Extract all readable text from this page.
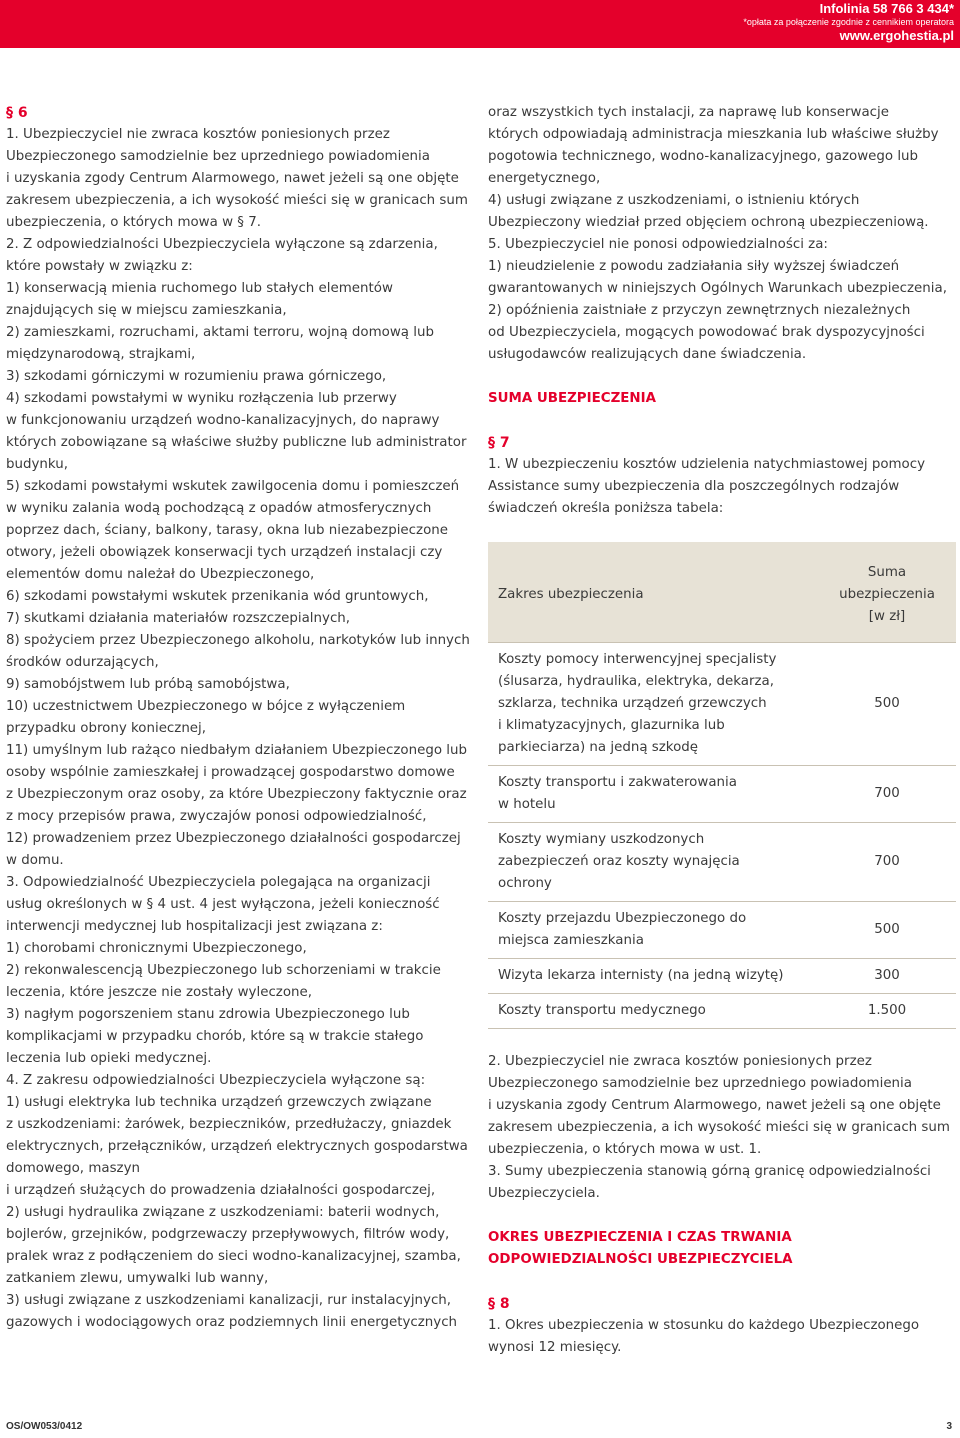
Infolinia 58 766 3 434*
*opłata za połączenie zgodnie z cennikiem operatora
www.ergohestia.pl
§ 6
1. Ubezpieczyciel nie zwraca kosztów poniesionych przez
Ubezpieczonego samodzielnie bez uprzedniego powiadomienia
i uzyskania zgody Centrum Alarmowego, nawet jeżeli są one objęte
zakresem ubezpieczenia, a ich wysokość mieści się w granicach sum
ubezpieczenia, o których mowa w § 7.
2. Z odpowiedzialności Ubezpieczyciela wyłączone są zdarzenia,
które powstały w związku z:
1) konserwacją mienia ruchomego lub stałych elementów
znajdujących się w miejscu zamieszkania,
2) zamieszkami, rozruchami, aktami terroru, wojną domową lub
międzynarodową, strajkami,
3) szkodami górniczymi w rozumieniu prawa górniczego,
4) szkodami powstałymi w wyniku rozłączenia lub przerwy
w funkcjonowaniu urządzeń wodno-kanalizacyjnych, do naprawy
których zobowiązane są właściwe służby publiczne lub administrator
budynku,
5) szkodami powstałymi wskutek zawilgocenia domu i pomieszczeń
w wyniku zalania wodą pochodzącą z opadów atmosferycznych
poprzez dach, ściany, balkony, tarasy, okna lub niezabezpieczone
otwory, jeżeli obowiązek konserwacji tych urządzeń instalacji czy
elementów domu należał do Ubezpieczonego,
6) szkodami powstałymi wskutek przenikania wód gruntowych,
7) skutkami działania materiałów rozszczepialnych,
8) spożyciem przez Ubezpieczonego alkoholu, narkotyków lub innych
środków odurzających,
9) samobójstwem lub próbą samobójstwa,
10) uczestnictwem Ubezpieczonego w bójce z wyłączeniem
przypadku obrony koniecznej,
11) umyślnym lub rażąco niedbałym działaniem Ubezpieczonego lub
osoby wspólnie zamieszkałej i prowadzącej gospodarstwo domowe
z Ubezpieczonym oraz osoby, za które Ubezpieczony faktycznie oraz
z mocy przepisów prawa, zwyczajów ponosi odpowiedzialność,
12) prowadzeniem przez Ubezpieczonego działalności gospodarczej
w domu.
3. Odpowiedzialność Ubezpieczyciela polegająca na organizacji
usług określonych w § 4 ust. 4 jest wyłączona, jeżeli konieczność
interwencji medycznej lub hospitalizacji jest związana z:
1) chorobami chronicznymi Ubezpieczonego,
2) rekonwalescencją Ubezpieczonego lub schorzeniami w trakcie
leczenia, które jeszcze nie zostały wyleczone,
3) nagłym pogorszeniem stanu zdrowia Ubezpieczonego lub
komplikacjami w przypadku chorób, które są w trakcie stałego
leczenia lub opieki medycznej.
4. Z zakresu odpowiedzialności Ubezpieczyciela wyłączone są:
1) usługi elektryka lub technika urządzeń grzewczych związane
z uszkodzeniami: żarówek, bezpieczników, przedłużaczy, gniazdek
elektrycznych, przełączników, urządzeń elektrycznych gospodarstwa
domowego, maszyn
i urządzeń służących do prowadzenia działalności gospodarczej,
2) usługi hydraulika związane z uszkodzeniami: baterii wodnych,
bojlerów, grzejników, podgrzewaczy przepływowych, filtrów wody,
pralek wraz z podłączeniem do sieci wodno-kanalizacyjnej, szamba,
zatkaniem zlewu, umywalki lub wanny,
3) usługi związane z uszkodzeniami kanalizacji, rur instalacyjnych,
gazowych i wodociągowych oraz podziemnych linii energetycznych
oraz wszystkich tych instalacji, za naprawę lub konserwacje
których odpowiadają administracja mieszkania lub właściwe służby
pogotowia technicznego, wodno-kanalizacyjnego, gazowego lub
energetycznego,
4) usługi związane z uszkodzeniami, o istnieniu których
Ubezpieczony wiedział przed objęciem ochroną ubezpieczeniową.
5. Ubezpieczyciel nie ponosi odpowiedzialności za:
1) nieudzielenie z powodu zadziałania siły wyższej świadczeń
gwarantowanych w niniejszych Ogólnych Warunkach ubezpieczenia,
2) opóźnienia zaistniałe z przyczyn zewnętrznych niezależnych
od Ubezpieczyciela, mogących powodować brak dyspozycyjności
usługodawców realizujących dane świadczenia.
SUMA UBEZPIECZENIA
§ 7
1. W ubezpieczeniu kosztów udzielenia natychmiastowej pomocy
Assistance sumy ubezpieczenia dla poszczególnych rodzajów
świadczeń określa poniższa tabela:
Zakres ubezpieczenia	Suma
ubezpieczenia
[w zł]

Koszty pomocy interwencyjnej specjalisty
(ślusarza, hydraulika, elektryka, dekarza,
szklarza, technika urządzeń grzewczych
i klimatyzacyjnych, glazurnika lub
parkieciarza) na jedną szkodę	500

Koszty transportu i zakwaterowania
w hotelu	700

Koszty wymiany uszkodzonych
zabezpieczeń oraz koszty wynajęcia
ochrony	700

Koszty przejazdu Ubezpieczonego do
miejsca zamieszkania	500

Wizyta lekarza internisty (na jedną wizytę)	300

Koszty transportu medycznego	1.500
2. Ubezpieczyciel nie zwraca kosztów poniesionych przez
Ubezpieczonego samodzielnie bez uprzedniego powiadomienia
i uzyskania zgody Centrum Alarmowego, nawet jeżeli są one objęte
zakresem ubezpieczenia, a ich wysokość mieści się w granicach sum
ubezpieczenia, o których mowa w ust. 1.
3. Sumy ubezpieczenia stanowią górną granicę odpowiedzialności
Ubezpieczyciela.
OKRES UBEZPIECZENIA I CZAS TRWANIA
ODPOWIEDZIALNOŚCI UBEZPIECZYCIELA
§ 8
1. Okres ubezpieczenia w stosunku do każdego Ubezpieczonego
wynosi 12 miesięcy.
OS/OW053/0412	3
